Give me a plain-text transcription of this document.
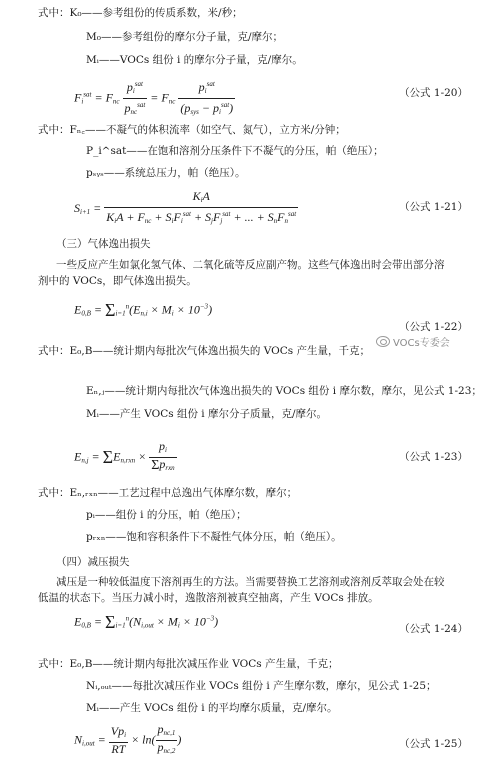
式中：K₀——参考组份的传质系数，米/秒；
M₀——参考组份的摩尔分子量，克/摩尔；
Mᵢ——VOCs 组份 i 的摩尔分子量，克/摩尔。
$F_i^{sat} = F_{nc} \frac{p_i^{sat}}{p_{nc}^{sat}} = F_{nc} \frac{p_i^{sat}}{(p_{sys} - p_i^{sat})}$	（公式 1-20）
式中：Fₙ꜀——不凝气的体积流率（如空气、氮气），立方米/分钟；
P_i^sat——在饱和溶剂分压条件下不凝气的分压，帕（绝压）；
pₛᵧₛ——系统总压力，帕（绝压）。
$S_{i+1} = \frac{K_iA}{K_iA + F_{nc} + S_iF_i^{sat} + S_jF_j^{sat} + ... + S_nF_n^{sat}}$	（公式 1-21）
（三）气体逸出损失
一些反应产生如氯化氢气体、二氧化硫等反应副产物。这些气体逸出时会带出部分溶
剂中的 VOCs，即气体逸出损失。
$E_{0,B} = \Sigma_{i=1}^n(E_{n,i} \times M_i \times 10^{-3})$
（公式 1-22）
式中：E₀,B——统计期内每批次气体逸出损失的 VOCs 产生量，千克；
VOCs专委会
Eₙ,ⱼ——统计期内每批次气体逸出损失的 VOCs 组份 i 摩尔数，摩尔，见公式 1-23；
Mᵢ——产生 VOCs 组份 i 摩尔分子质量，克/摩尔。
$E_{n,j} = \Sigma E_{n,rxn} \times \frac{p_i}{\Sigma p_{rxn}}$	（公式 1-23）
式中：Eₙ,ᵣₓₙ——工艺过程中总逸出气体摩尔数，摩尔；
pᵢ——组份 i 的分压，帕（绝压）；
pᵣₓₙ——饱和容积条件下不凝性气体分压，帕（绝压）。
（四）减压损失
减压是一种较低温度下溶剂再生的方法。当需要替换工艺溶剂或溶剂反萃取会处在较
低温的状态下。当压力减小时，逸散溶剂被真空抽离，产生 VOCs 排放。
$E_{0,B} = \Sigma_{i=1}^n(N_{i,out} \times M_i \times 10^{-3})$
（公式 1-24）
式中：E₀,B——统计期内每批次减压作业 VOCs 产生量，千克；
Nᵢ,ₒᵤₜ——每批次减压作业 VOCs 组份 i 产生摩尔数，摩尔，见公式 1-25；
Mᵢ——产生 VOCs 组份 i 的平均摩尔质量，克/摩尔。
$N_{i,out} = \frac{Vp_i}{RT} \times \ln( \frac{p_{nc,1}}{p_{nc,2}}$ )	（公式 1-25）
